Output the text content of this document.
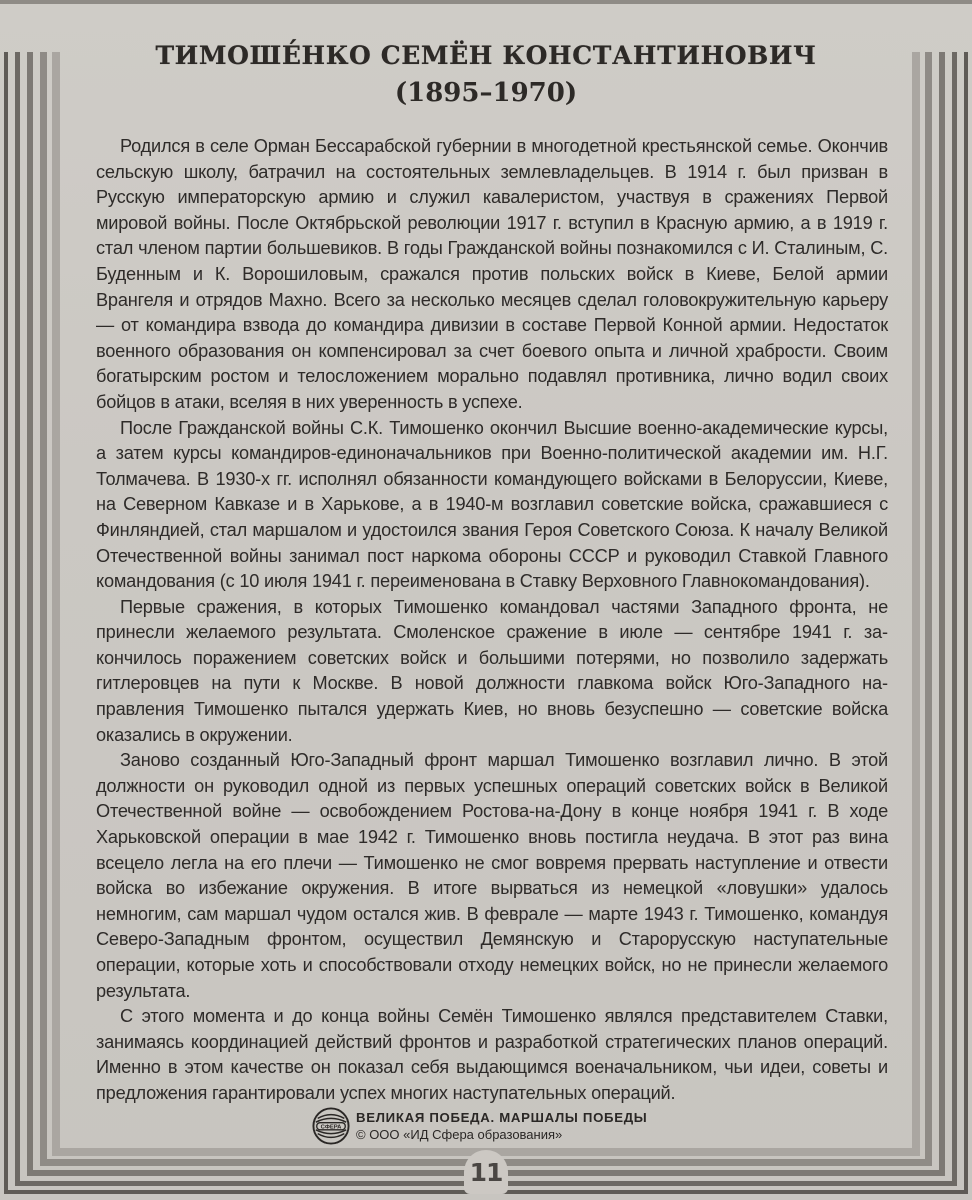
11
ТИМОШЕ́НКО СЕМЁН КОНСТАНТИНОВИЧ
(1895–1970)

Родился в селе Орман Бессарабской губернии в многодетной крестьянской семье. Окончив сельскую школу, батрачил на состоятельных землевладельцев. В 1914 г. был призван в Русскую императорскую армию и служил кавалеристом, участвуя в сражениях Первой мировой войны. После Октябрьской революции 1917 г. вступил в Красную армию, а в 1919 г. стал членом партии большевиков. В годы Гражданской войны познакомился с И. Сталиным, С. Буденным и К. Ворошиловым, сражался против польских войск в Киеве, Белой армии Врангеля и отрядов Махно. Всего за несколько месяцев сделал головокружительную карьеру — от командира взвода до командира дивизии в составе Первой Конной армии. Недостаток военного образования он компенсировал за счет боевого опыта и личной храбрости. Своим богатырским ростом и телосложением морально подавлял противника, лично водил своих бойцов в атаки, вселяя в них уверенность в успехе.

После Гражданской войны С.К. Тимошенко окончил Высшие военно-академические курсы, а затем курсы командиров-единоначальников при Военно-политической академии им. Н.Г. Толмачева. В 1930-х гг. исполнял обязанности командующего войсками в Белоруссии, Киеве, на Северном Кавказе и в Харькове, а в 1940-м возглавил советские войска, сражавшиеся с Финляндией, стал маршалом и удостоился звания Героя Советского Союза. К началу Великой Отечественной войны занимал пост наркома обороны СССР и руководил Ставкой Главного командования (с 10 июля 1941 г. переименована в Ставку Верховного Главнокомандования).

Первые сражения, в которых Тимошенко командовал частями Западного фронта, не принесли желаемого результата. Смоленское сражение в июле — сентябре 1941 г. закончилось поражением советских войск и большими потерями, но позволило задержать гитлеровцев на пути к Москве. В новой должности главкома войск Юго-Западного направления Тимошенко пытался удержать Киев, но вновь безуспешно — советские войска оказались в окружении.

Заново созданный Юго-Западный фронт маршал Тимошенко возглавил лично. В этой должности он руководил одной из первых успешных операций советских войск в Великой Отечественной войне — освобождением Ростова-на-Дону в конце ноября 1941 г. В ходе Харьковской операции в мае 1942 г. Тимошенко вновь постигла неудача. В этот раз вина всецело легла на его плечи — Тимошенко не смог вовремя прервать наступление и отвести войска во избежание окружения. В итоге вырваться из немецкой «ловушки» удалось немногим, сам маршал чудом остался жив. В феврале — марте 1943 г. Тимошенко, командуя Северо-Западным фронтом, осуществил Демянскую и Старорусскую наступательные операции, которые хоть и способствовали отходу немецких войск, но не принесли желаемого результата.

С этого момента и до конца войны Семён Тимошенко являлся представителем Ставки, занимаясь координацией действий фронтов и разработкой стратегических планов операций. Именно в этом качестве он показал себя выдающимся военачальником, чьи идеи, советы и предложения гарантировали успех многих наступательных операций.

СФЕРА
ВЕЛИКАЯ ПОБЕДА. МАРШАЛЫ ПОБЕДЫ
© ООО «ИД Сфера образования»
